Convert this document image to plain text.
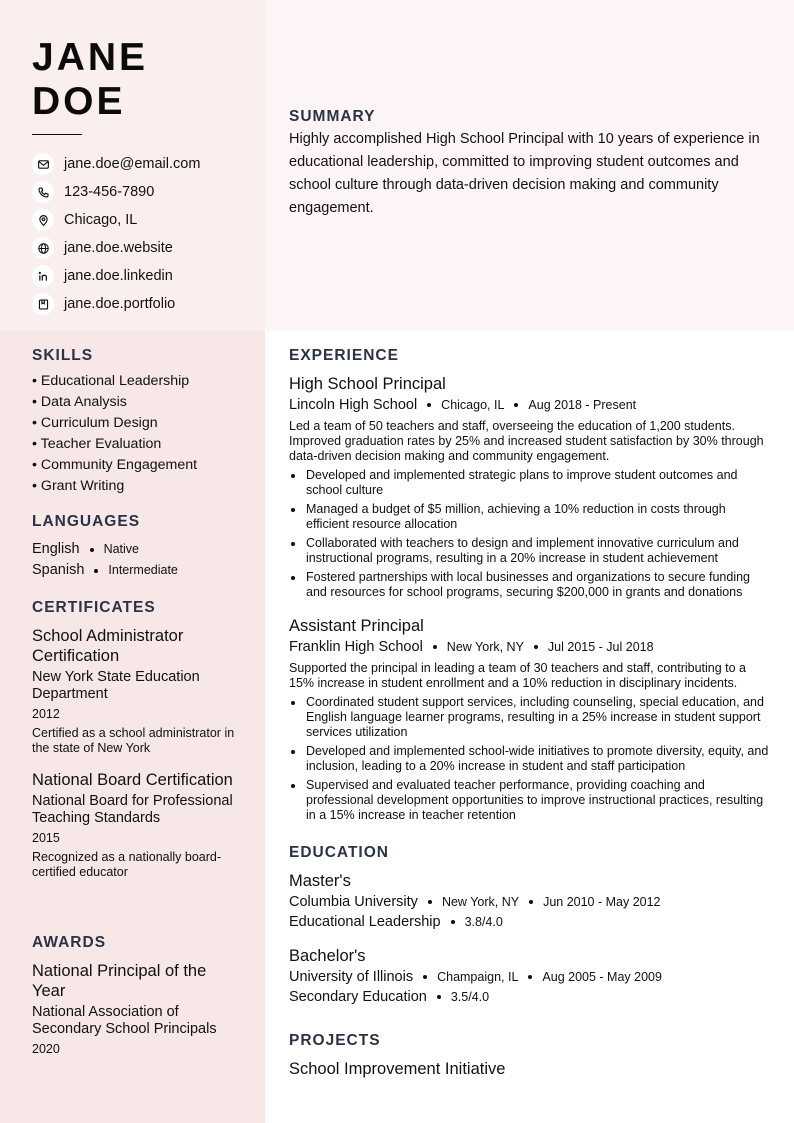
JANE
DOE
jane.doe@email.com
123-456-7890
Chicago, IL
jane.doe.website
jane.doe.linkedin
jane.doe.portfolio
SUMMARY
Highly accomplished High School Principal with 10 years of experience in educational leadership, committed to improving student outcomes and school culture through data-driven decision making and community engagement.
SKILLS
• Educational Leadership
• Data Analysis
• Curriculum Design
• Teacher Evaluation
• Community Engagement
• Grant Writing
LANGUAGES
English Native
Spanish Intermediate
CERTIFICATES
School Administrator Certification
New York State Education Department
2012
Certified as a school administrator in the state of New York
National Board Certification
National Board for Professional Teaching Standards
2015
Recognized as a nationally board-certified educator
AWARDS
National Principal of the Year
National Association of Secondary School Principals
2020
EXPERIENCE
High School Principal
Lincoln High School Chicago, IL Aug 2018 - Present
Led a team of 50 teachers and staff, overseeing the education of 1,200 students. Improved graduation rates by 25% and increased student satisfaction by 30% through data-driven decision making and community engagement.
Developed and implemented strategic plans to improve student outcomes and school culture
Managed a budget of $5 million, achieving a 10% reduction in costs through efficient resource allocation
Collaborated with teachers to design and implement innovative curriculum and instructional programs, resulting in a 20% increase in student achievement
Fostered partnerships with local businesses and organizations to secure funding and resources for school programs, securing $200,000 in grants and donations
Assistant Principal
Franklin High School New York, NY Jul 2015 - Jul 2018
Supported the principal in leading a team of 30 teachers and staff, contributing to a 15% increase in student enrollment and a 10% reduction in disciplinary incidents.
Coordinated student support services, including counseling, special education, and English language learner programs, resulting in a 25% increase in student support services utilization
Developed and implemented school-wide initiatives to promote diversity, equity, and inclusion, leading to a 20% increase in student and staff participation
Supervised and evaluated teacher performance, providing coaching and professional development opportunities to improve instructional practices, resulting in a 15% increase in teacher retention
EDUCATION
Master's
Columbia University New York, NY Jun 2010 - May 2012
Educational Leadership 3.8/4.0
Bachelor's
University of Illinois Champaign, IL Aug 2005 - May 2009
Secondary Education 3.5/4.0
PROJECTS
School Improvement Initiative
